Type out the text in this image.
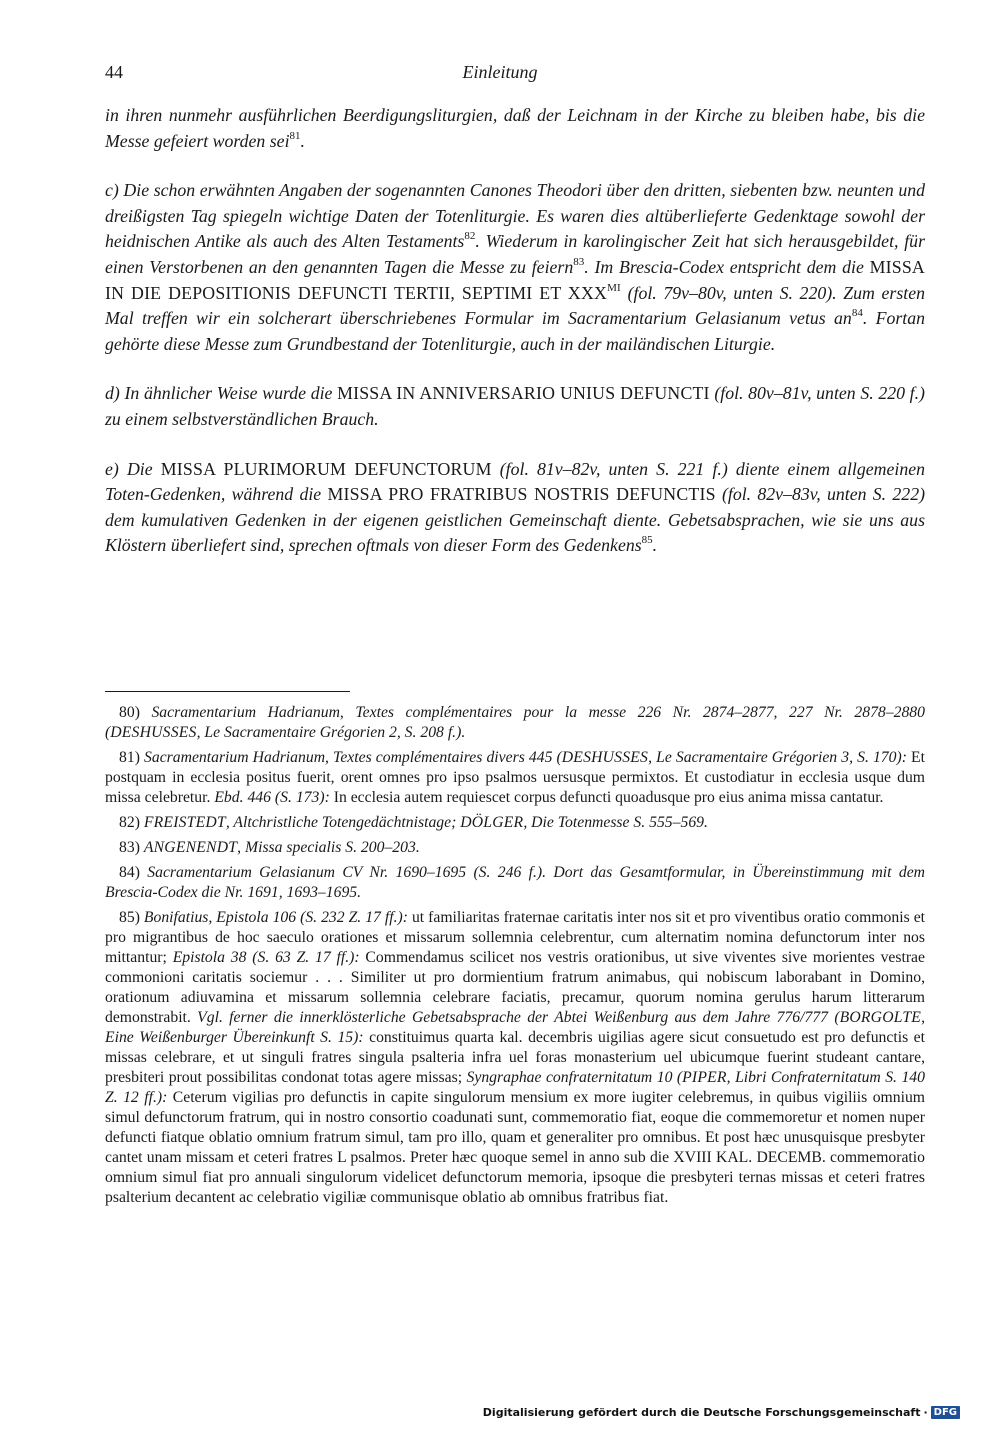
44	Einleitung

in ihren nunmehr ausführlichen Beerdigungsliturgien, daß der Leichnam in der Kirche zu bleiben habe, bis die Messe gefeiert worden sei$^{81}$.

c) Die schon erwähnten Angaben der sogenannten Canones Theodori über den dritten, siebenten bzw. neunten und dreißigsten Tag spiegeln wichtige Daten der Totenliturgie. Es waren dies altüberlieferte Gedenktage sowohl der heidnischen Antike als auch des Alten Testaments$^{82}$. Wiederum in karolingischer Zeit hat sich herausgebildet, für einen Verstorbenen an den genannten Tagen die Messe zu feiern$^{83}$. Im Brescia-Codex entspricht dem die MISSA IN DIE DEPOSITIONIS DEFUNCTI TERTII, SEPTIMI ET $XXX^{MI}$ (fol. 79v–80v, unten S. 220). Zum ersten Mal treffen wir ein solcherart überschriebenes Formular im Sacramentarium Gelasianum vetus $an^{84}$. Fortan gehörte diese Messe zum Grundbestand der Totenliturgie, auch in der mailändischen Liturgie.

d) In ähnlicher Weise wurde die MISSA IN ANNIVERSARIO UNIUS DEFUNCTI (fol. 80v–81v, unten S. 220 f.) zu einem selbstverständlichen Brauch.

e) Die MISSA PLURIMORUM DEFUNCTORUM (fol. 81v–82v, unten S. 221 f.) diente einem allgemeinen Toten-Gedenken, während die MISSA PRO FRATRIBUS NOSTRIS DEFUNCTIS (fol. 82v–83v, unten S. 222) dem kumulativen Gedenken in der eigenen geistlichen Gemeinschaft diente. Gebetsabsprachen, wie sie uns aus Klöstern überliefert sind, sprechen oftmals von dieser Form des Gedenkens$^{85}$.

80) Sacramentarium Hadrianum, Textes complémentaires pour la messe 226 Nr. 2874–2877, 227 Nr. 2878–2880 (DESHUSSES, Le Sacramentaire Grégorien 2, S. 208 f.).

81) Sacramentarium Hadrianum, Textes complémentaires divers 445 (DESHUSSES, Le Sacramentaire Grégorien 3, S. 170): Et postquam in ecclesia positus fuerit, orent omnes pro ipso psalmos uersusque permixtos. Et custodiatur in ecclesia usque dum missa celebretur. Ebd. 446 (S. 173): In ecclesia autem requiescet corpus defuncti quoadusque pro eius anima missa cantatur.

82) FREISTEDT, Altchristliche Totengedächtnistage; DÖLGER, Die Totenmesse S. 555–569.

83) ANGENENDT, Missa specialis S. 200–203.

84) Sacramentarium Gelasianum CV Nr. 1690–1695 (S. 246 f.). Dort das Gesamtformular, in Übereinstimmung mit dem Brescia-Codex die Nr. 1691, 1693–1695.

85) Bonifatius, Epistola 106 (S. 232 Z. 17 ff.): ut familiaritas fraternae caritatis inter nos sit et pro viventibus oratio commonis et pro migrantibus de hoc saeculo orationes et missarum sollemnia celebrentur, cum alternatim nomina defunctorum inter nos mittantur; Epistola 38 (S. 63 Z. 17 ff.): Commendamus scilicet nos vestris orationibus, ut sive viventes sive morientes vestrae commonioni caritatis sociemur . . . Similiter ut pro dormientium fratrum animabus, qui nobiscum laborabant in Domino, orationum adiuvamina et missarum sollemnia celebrare faciatis, precamur, quorum nomina gerulus harum litterarum demonstrabit. Vgl. ferner die innerklösterliche Gebetsabsprache der Abtei Weißenburg aus dem Jahre 776/777 (BORGOLTE, Eine Weißenburger Übereinkunft S. 15): constituimus quarta kal. decembris uigilias agere sicut consuetudo est pro defunctis et missas celebrare, et ut singuli fratres singula psalteria infra uel foras monasterium uel ubicumque fuerint studeant cantare, presbiteri prout possibilitas condonat totas agere missas; Syngraphae confraternitatum 10 (PIPER, Libri Confraternitatum S. 140 Z. 12 ff.): Ceterum vigilias pro defunctis in capite singulorum mensium ex more iugiter celebremus, in quibus vigiliis omnium simul defunctorum fratrum, qui in nostro consortio coadunati sunt, commemoratio fiat, eoque die commemoretur et nomen nuper defuncti fiatque oblatio omnium fratrum simul, tam pro illo, quam et generaliter pro omnibus. Et post hæc unusquisque presbyter cantet unam missam et ceteri fratres L psalmos. Preter hæc quoque semel in anno sub die XVIII KAL. DECEMB. commemoratio omnium simul fiat pro annuali singulorum videlicet defunctorum memoria, ipsoque die presbyteri ternas missas et ceteri fratres psalterium decantent ac celebratio vigiliæ communisque oblatio ab omnibus fratribus fiat.

Digitalisierung gefördert durch die Deutsche Forschungsgemeinschaft · DFG
